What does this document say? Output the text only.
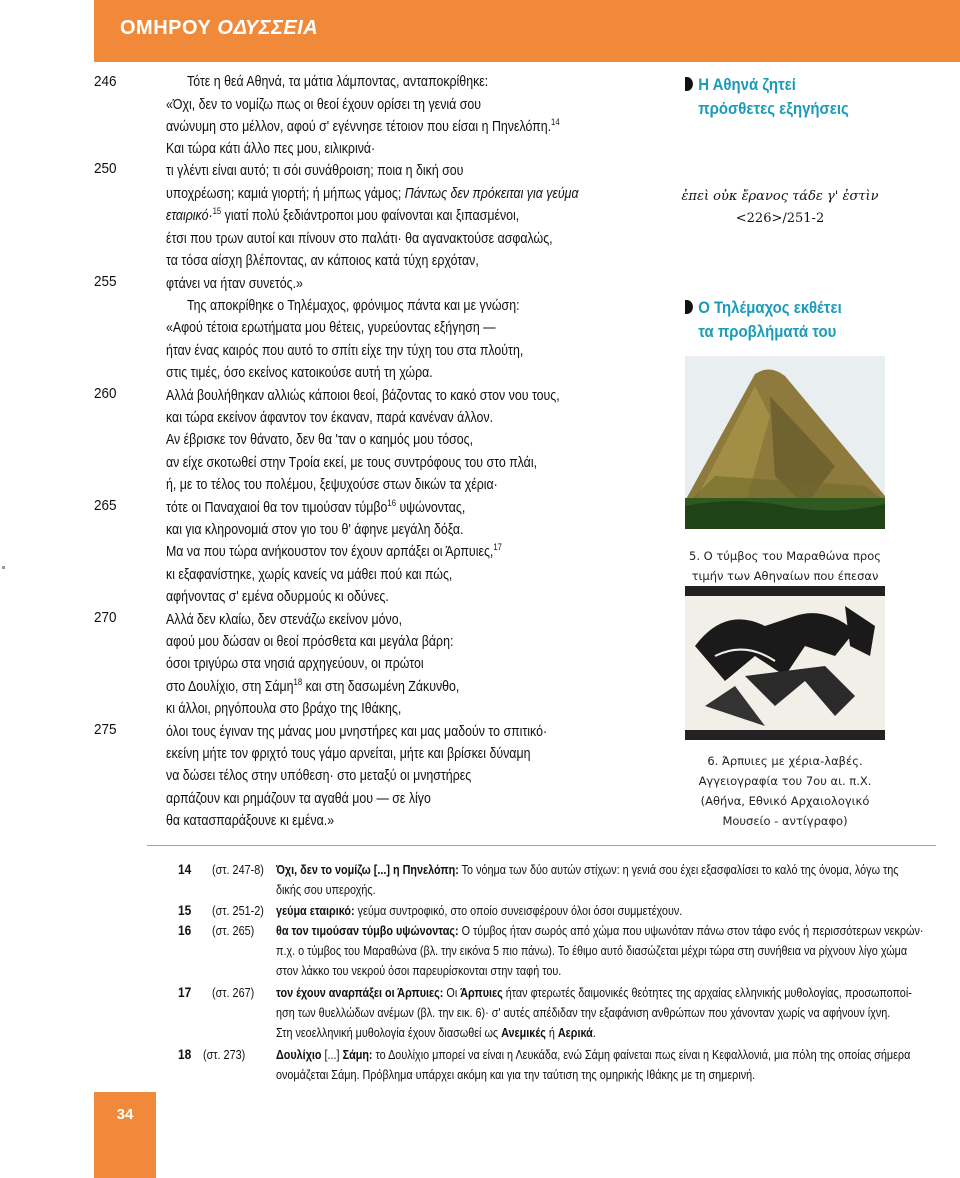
ΟΜΗΡΟΥ ΟΔΥΣΣΕΙΑ
246
250
255
260
265
270
275
Τότε η θεά Αθηνά, τα μάτια λάμποντας, ανταποκρίθηκε:
«Όχι, δεν το νομίζω πως οι θεοί έχουν ορίσει τη γενιά σου
ανώνυμη στο μέλλον, αφού σ' εγέννησε τέτοιον που είσαι η Πηνελόπη.$^{14}$
Και τώρα κάτι άλλο πες μου, ειλικρινά·
τι γλέντι είναι αυτό; τι σόι συνάθροιση; ποια η δική σου
υποχρέωση; καμιά γιορτή; ή μήπως γάμος; Πάντως δεν πρόκειται για γεύμα
εταιρικό·$^{15}$ γιατί πολύ ξεδιάντροποι μου φαίνονται και ξιπασμένοι,
έτσι που τρων αυτοί και πίνουν στο παλάτι· θα αγανακτούσε ασφαλώς,
τα τόσα αίσχη βλέποντας, αν κάποιος κατά τύχη ερχόταν,
φτάνει να ήταν συνετός.»
Της αποκρίθηκε ο Τηλέμαχος, φρόνιμος πάντα και με γνώση:
«Αφού τέτοια ερωτήματα μου θέτεις, γυρεύοντας εξήγηση —
ήταν ένας καιρός που αυτό το σπίτι είχε την τύχη του στα πλούτη,
στις τιμές, όσο εκείνος κατοικούσε αυτή τη χώρα.
Αλλά βουλήθηκαν αλλιώς κάποιοι θεοί, βάζοντας το κακό στον νου τους,
και τώρα εκείνον άφαντον τον έκαναν, παρά κανέναν άλλον.
Αν έβρισκε τον θάνατο, δεν θα 'ταν ο καημός μου τόσος,
αν είχε σκοτωθεί στην Τροία εκεί, με τους συντρόφους του στο πλάι,
ή, με το τέλος του πολέμου, ξεψυχούσε στων δικών τα χέρια·
τότε οι Παναχαιοί θα τον τιμούσαν τύμβο$^{16}$ υψώνοντας,
και για κληρονομιά στον γιο του θ' άφηνε μεγάλη δόξα.
Μα να που τώρα ανήκουστον τον έχουν αρπάξει οι Άρπυιες,$^{17}$
κι εξαφανίστηκε, χωρίς κανείς να μάθει πού και πώς,
αφήνοντας σ' εμένα οδυρμούς κι οδύνες.
Αλλά δεν κλαίω, δεν στενάζω εκείνον μόνο,
αφού μου δώσαν οι θεοί πρόσθετα και μεγάλα βάρη:
όσοι τριγύρω στα νησιά αρχηγεύουν, οι πρώτοι
στο Δουλίχιο, στη Σάμη$^{18}$ και στη δασωμένη Ζάκυνθο,
κι άλλοι, ρηγόπουλα στο βράχο της Ιθάκης,
όλοι τους έγιναν της μάνας μου μνηστήρες και μας μαδούν το σπιτικό·
εκείνη μήτε τον φριχτό τους γάμο αρνείται, μήτε και βρίσκει δύναμη
να δώσει τέλος στην υπόθεση· στο μεταξύ οι μνηστήρες
αρπάζουν και ρημάζουν τα αγαθά μου — σε λίγο
θα κατασπαράξουνε κι εμένα.»
Η Αθηνά ζητεί
πρόσθετες εξηγήσεις
ἐπεὶ οὐκ ἔρανος τάδε γ' ἐστὶν
<226>/251-2
Ο Τηλέμαχος εκθέτει
τα προβλήματά του
5. Ο τύμβος του Μαραθώνα προς
τιμήν των Αθηναίων που έπεσαν

6. Άρπυιες με χέρια-λαβές.
Αγγειογραφία του 7ου αι. π.Χ.
(Αθήνα, Εθνικό Αρχαιολογικό
Μουσείο - αντίγραφο)
14 (στ. 247-8) Όχι, δεν το νομίζω [...] η Πηνελόπη: Το νόημα των δύο αυτών στίχων: η γενιά σου έχει εξασφαλίσει το καλό της όνομα, λόγω της
δικής σου υπεροχής.
15 (στ. 251-2) γεύμα εταιρικό: γεύμα συντροφικό, στο οποίο συνεισφέρουν όλοι όσοι συμμετέχουν.
16 (στ. 265) θα τον τιμούσαν τύμβο υψώνοντας: Ο τύμβος ήταν σωρός από χώμα που υψωνόταν πάνω στον τάφο ενός ή περισσότερων νεκρών·
π.χ. ο τύμβος του Μαραθώνα (βλ. την εικόνα 5 πιο πάνω). Το έθιμο αυτό διασώζεται μέχρι τώρα στη συνήθεια να ρίχνουν λίγο χώμα
στον λάκκο του νεκρού όσοι παρευρίσκονται στην ταφή του.
17 (στ. 267) τον έχουν αναρπάξει οι Άρπυιες: Οι Άρπυιες ήταν φτερωτές δαιμονικές θεότητες της αρχαίας ελληνικής μυθολογίας, προσωποποί-
ηση των θυελλώδων ανέμων (βλ. την εικ. 6)· σ' αυτές απέδιδαν την εξαφάνιση ανθρώπων που χάνονταν χωρίς να αφήνουν ίχνη.
Στη νεοελληνική μυθολογία έχουν διασωθεί ως Ανεμικές ή Αερικά.
18 (στ. 273) Δουλίχιο [...] Σάμη: το Δουλίχιο μπορεί να είναι η Λευκάδα, ενώ Σάμη φαίνεται πως είναι η Κεφαλλονιά, μια πόλη της οποίας σήμερα
ονομάζεται Σάμη. Πρόβλημα υπάρχει ακόμη και για την ταύτιση της ομηρικής Ιθάκης με τη σημερινή.
34
